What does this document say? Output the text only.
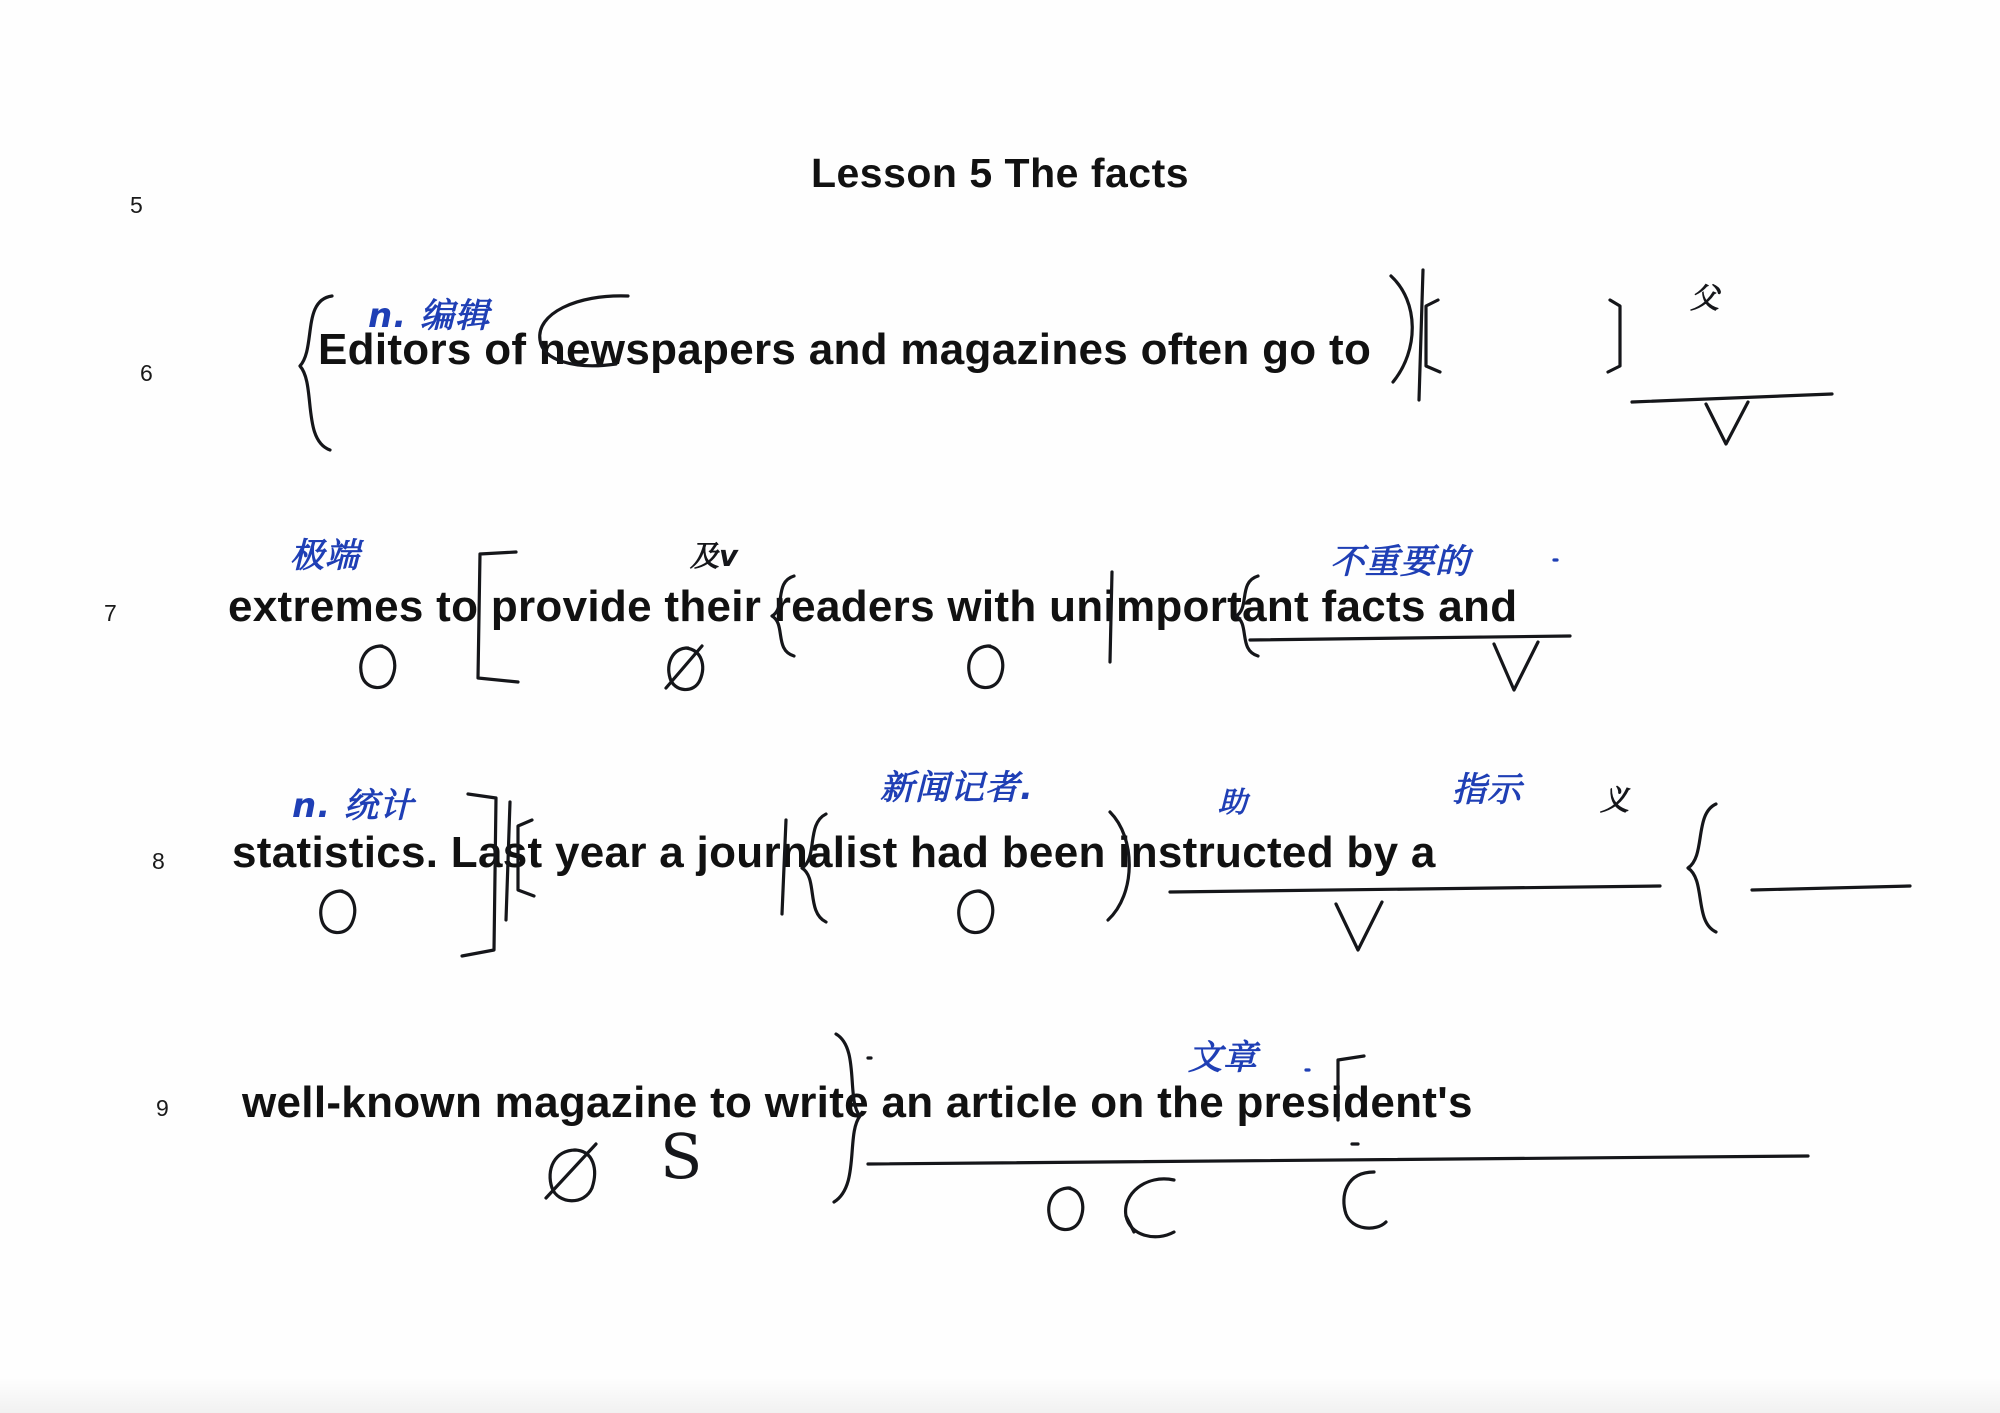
Lesson 5 The facts
5
6
7
8
9
Editors of newspapers and magazines often go to
n. 编辑	父
extremes to provide their readers with unimportant facts and
极端	及v	不重要的
statistics. Last year a journalist had been instructed by a
n. 统计	新闻记者.	助	指示	义
well-known magazine to write an article on the president's
S
文章
